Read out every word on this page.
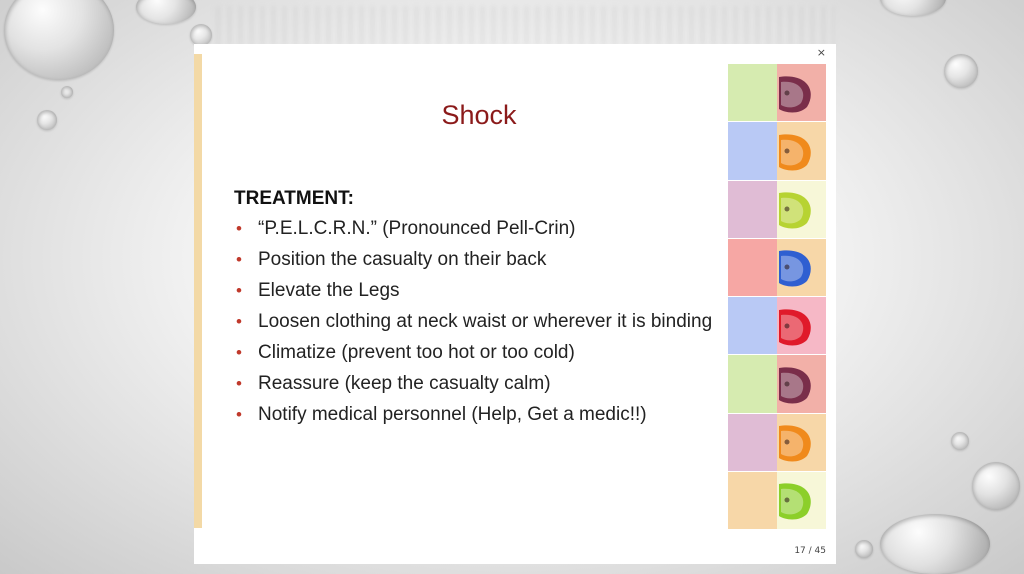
×
Shock
TREATMENT:
• “P.E.L.C.R.N.” (Pronounced Pell-Crin)
• Position the casualty on their back
• Elevate the Legs
• Loosen clothing at neck waist or wherever it is binding
• Climatize (prevent too hot or too cold)
• Reassure (keep the casualty calm)
• Notify medical personnel (Help, Get a medic!!)
17 / 45
